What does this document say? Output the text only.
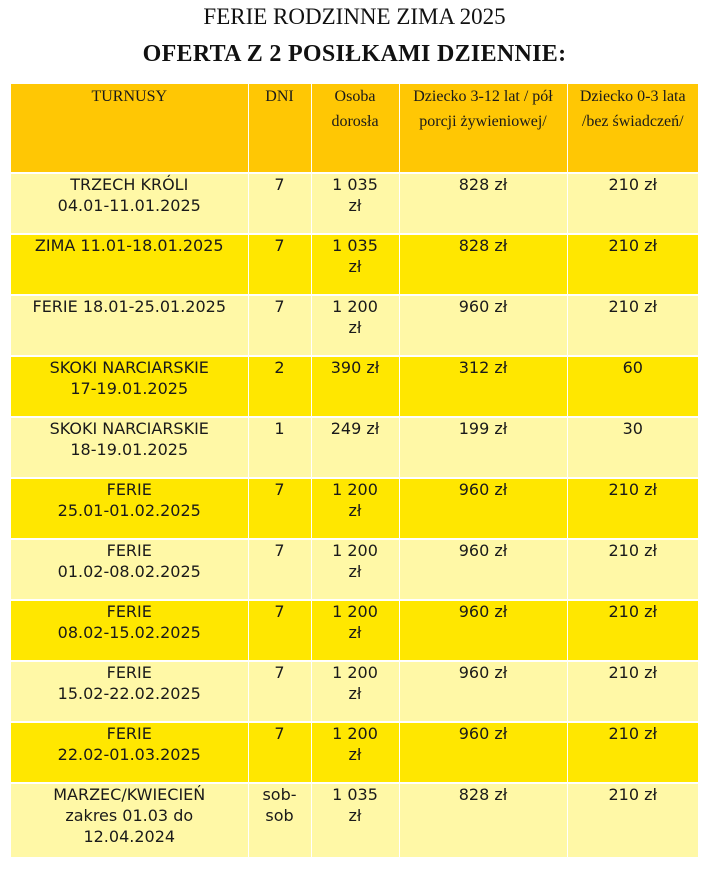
FERIE RODZINNE ZIMA 2025
OFERTA Z 2 POSIŁKAMI DZIENNIE:
TURNUSY	DNI	Osoba dorosła	Dziecko 3-12 lat / pół porcji żywieniowej/	Dziecko 0-3 lata /bez świadczeń/

TRZECH KRÓLI
04.01-11.01.2025	7	1 035
zł	828 zł	210 zł

ZIMA 11.01-18.01.2025	7	1 035
zł	828 zł	210 zł

FERIE 18.01-25.01.2025	7	1 200
zł	960 zł	210 zł

SKOKI NARCIARSKIE
17-19.01.2025	2	390 zł	312 zł	60

SKOKI NARCIARSKIE
18-19.01.2025	1	249 zł	199 zł	30

FERIE
25.01-01.02.2025	7	1 200
zł	960 zł	210 zł

FERIE
01.02-08.02.2025	7	1 200
zł	960 zł	210 zł

FERIE
08.02-15.02.2025	7	1 200
zł	960 zł	210 zł

FERIE
15.02-22.02.2025	7	1 200
zł	960 zł	210 zł

FERIE
22.02-01.03.2025	7	1 200
zł	960 zł	210 zł

MARZEC/KWIECIEŃ
zakres 01.03 do
12.04.2024	sob-
sob	1 035
zł	828 zł	210 zł
